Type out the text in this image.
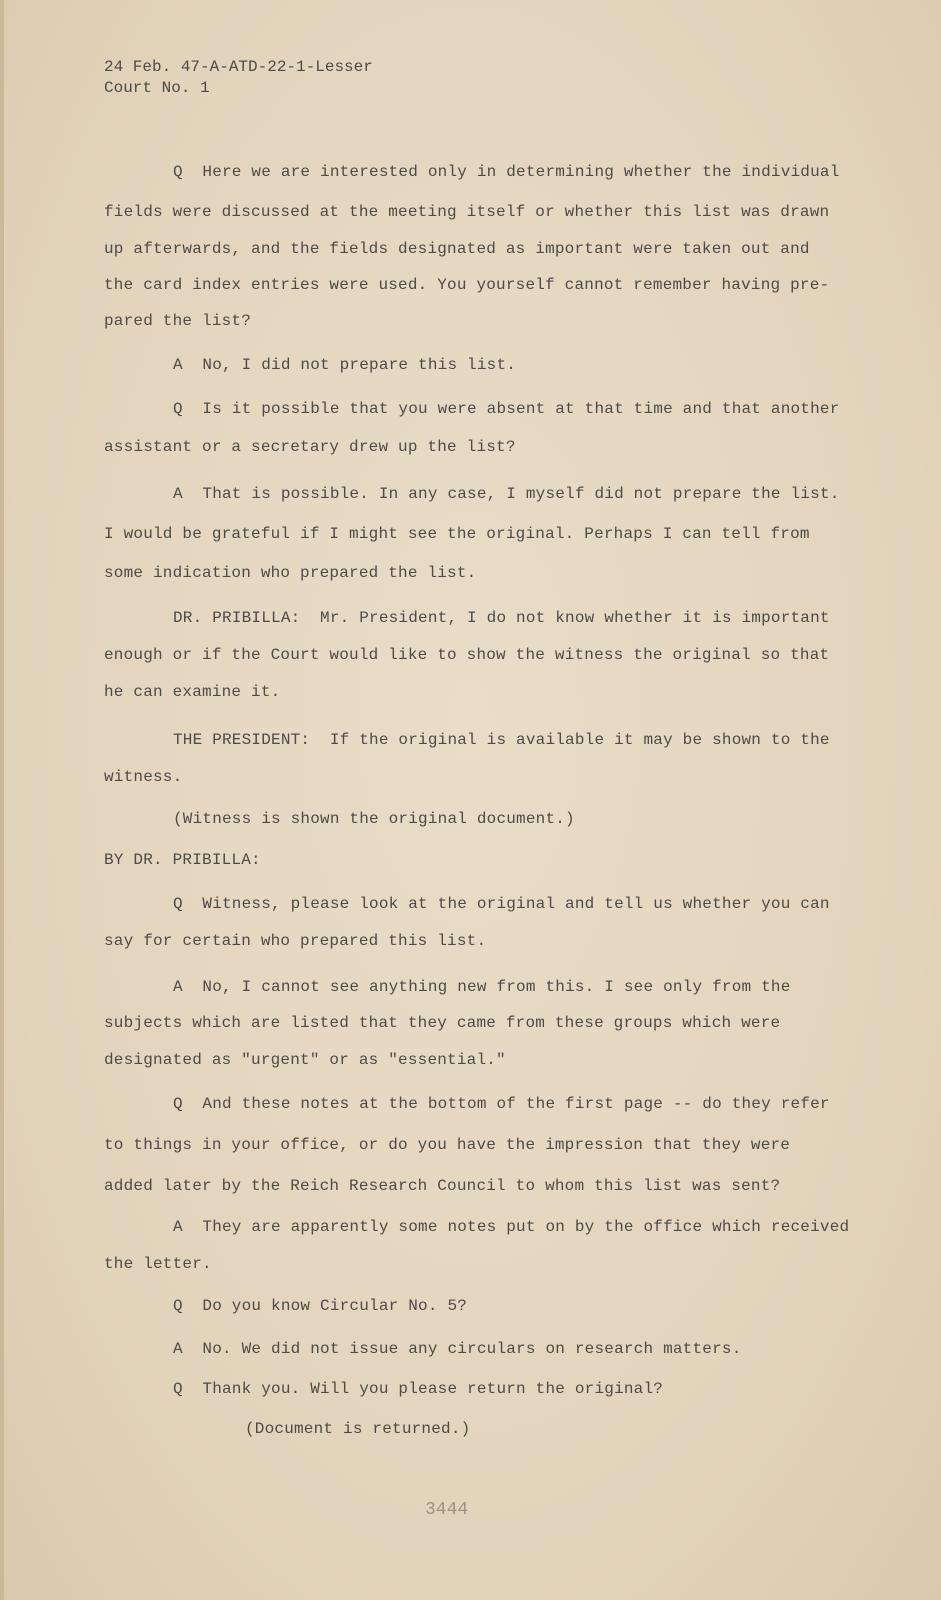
24 Feb. 47-A-ATD-22-1-Lesser
Court No. 1
Q  Here we are interested only in determining whether the individual
fields were discussed at the meeting itself or whether this list was drawn
up afterwards, and the fields designated as important were taken out and
the card index entries were used. You yourself cannot remember having pre-
pared the list?
A  No, I did not prepare this list.
Q  Is it possible that you were absent at that time and that another
assistant or a secretary drew up the list?
A  That is possible. In any case, I myself did not prepare the list.
I would be grateful if I might see the original. Perhaps I can tell from
some indication who prepared the list.
DR. PRIBILLA:  Mr. President, I do not know whether it is important
enough or if the Court would like to show the witness the original so that
he can examine it.
THE PRESIDENT:  If the original is available it may be shown to the
witness.
(Witness is shown the original document.)
BY DR. PRIBILLA:
Q  Witness, please look at the original and tell us whether you can
say for certain who prepared this list.
A  No, I cannot see anything new from this. I see only from the
subjects which are listed that they came from these groups which were
designated as "urgent" or as "essential."
Q  And these notes at the bottom of the first page -- do they refer
to things in your office, or do you have the impression that they were
added later by the Reich Research Council to whom this list was sent?
A  They are apparently some notes put on by the office which received
the letter.
Q  Do you know Circular No. 5?
A  No. We did not issue any circulars on research matters.
Q  Thank you. Will you please return the original?
(Document is returned.)
3444
